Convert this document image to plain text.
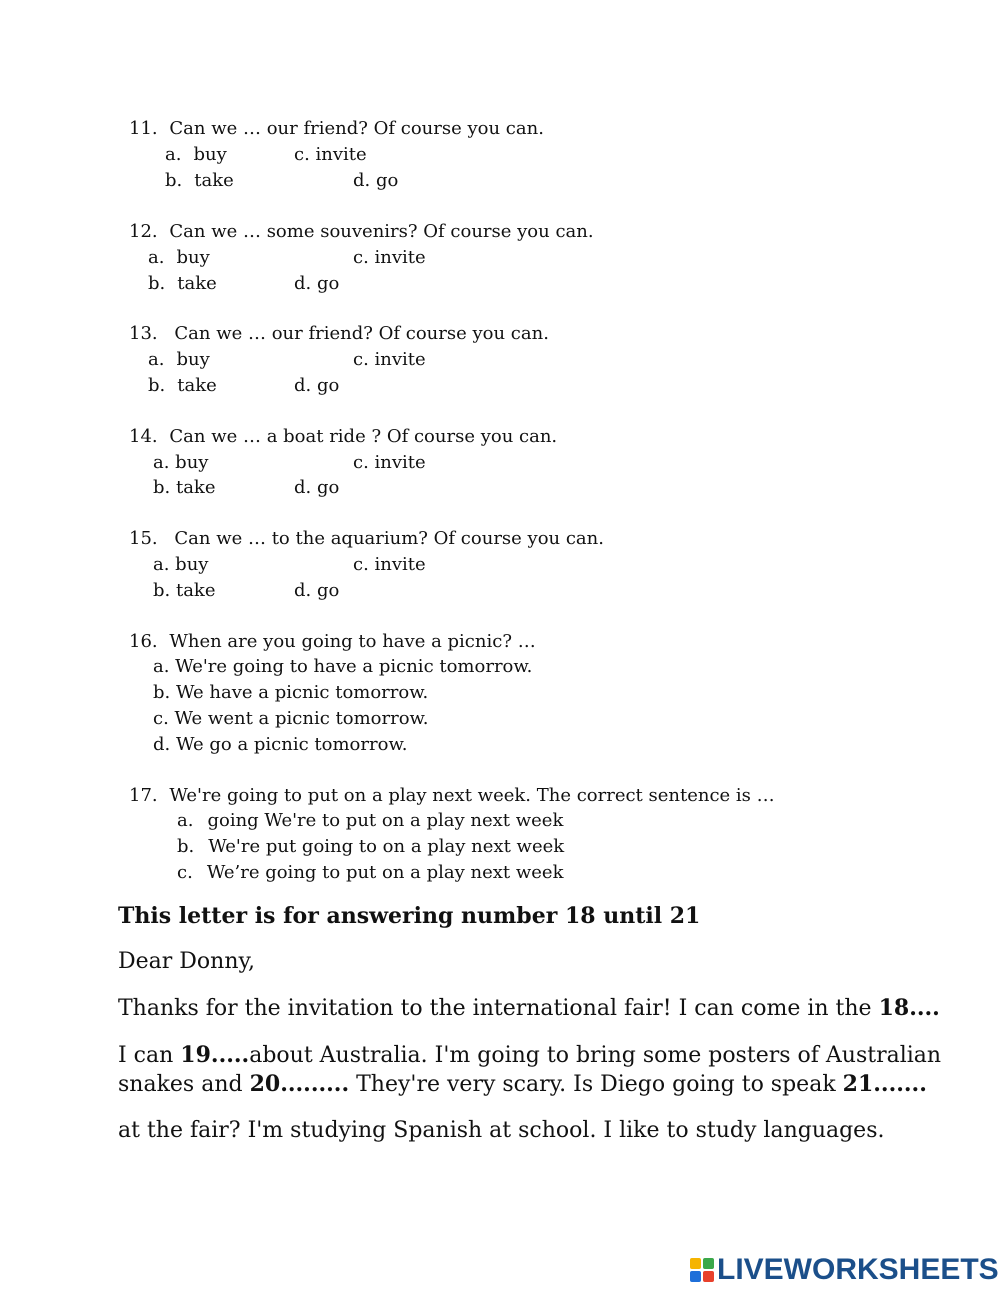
11. Can we … our friend? Of course you can.
a. buy	c. invite
b. take	d. go
12. Can we … some souvenirs? Of course you can.
a. buy	c. invite
b. take	d. go
13. Can we … our friend? Of course you can.
a. buy	c. invite
b. take	d. go
14. Can we … a boat ride ? Of course you can.
a. buy	c. invite
b. take	d. go
15. Can we … to the aquarium? Of course you can.
a. buy	c. invite
b. take	d. go
16. When are you going to have a picnic? …
a. We're going to have a picnic tomorrow.
b. We have a picnic tomorrow.
c. We went a picnic tomorrow.
d. We go a picnic tomorrow.
17. We're going to put on a play next week. The correct sentence is …
a. going We're to put on a play next week
b. We're put going to on a play next week
c. We’re going to put on a play next week
This letter is for answering number 18 until 21
Dear Donny,
Thanks for the invitation to the international fair! I can come in the 18....
I can 19.....about Australia. I'm going to bring some posters of Australian
snakes and 20......... They're very scary. Is Diego going to speak 21.......
at the fair? I'm studying Spanish at school. I like to study languages.
LIVEWORKSHEETS
